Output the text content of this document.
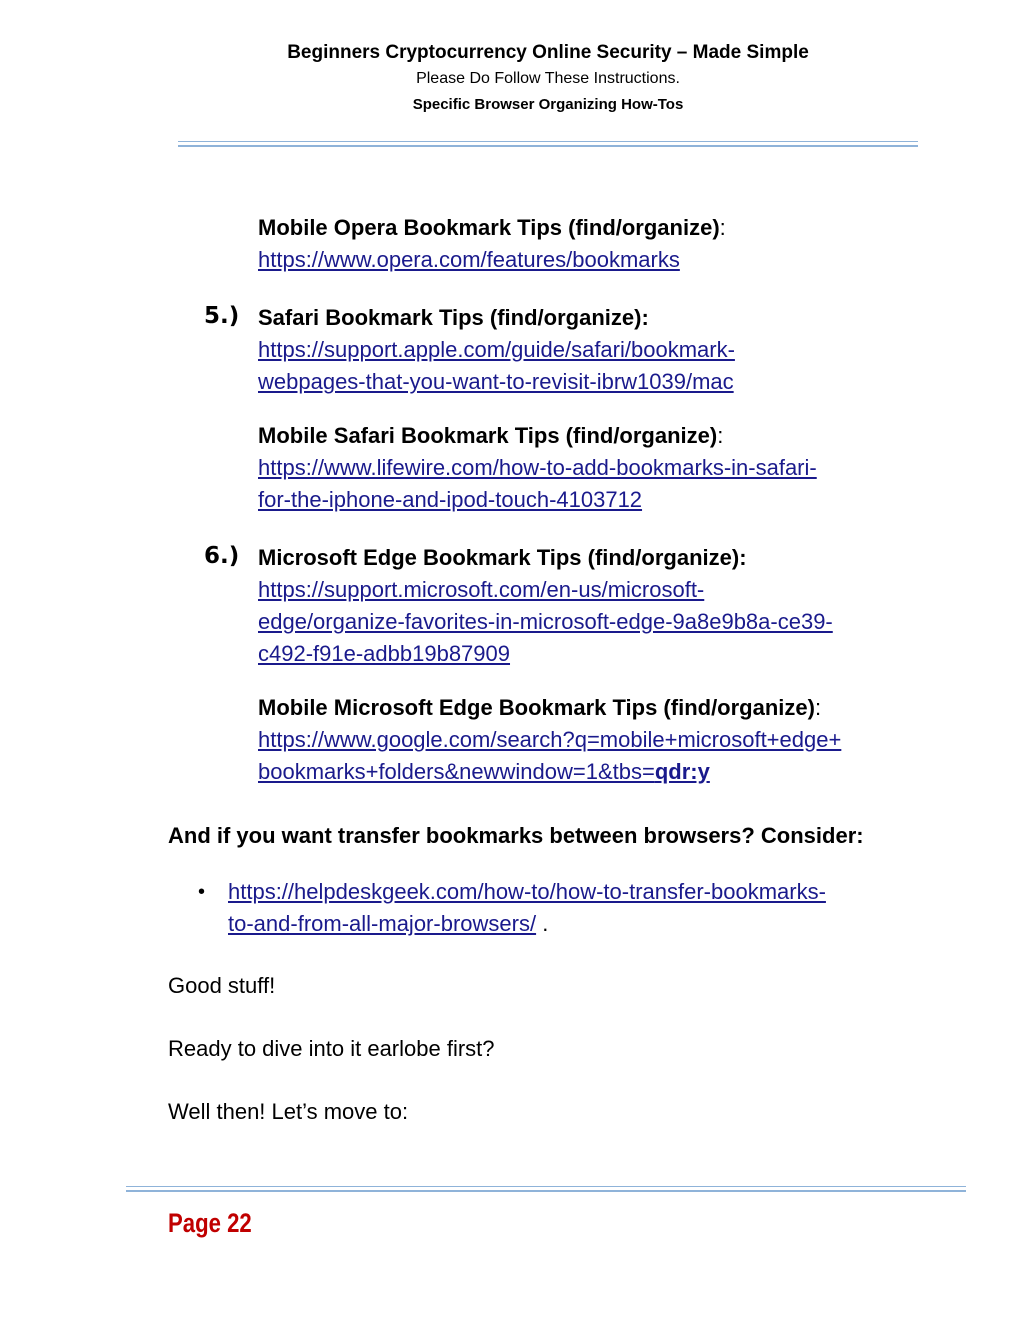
Beginners Cryptocurrency Online Security – Made Simple
Please Do Follow These Instructions.
Specific Browser Organizing How-Tos
Mobile Opera Bookmark Tips (find/organize):
https://www.opera.com/features/bookmarks
5.) Safari Bookmark Tips (find/organize):
https://support.apple.com/guide/safari/bookmark-
webpages-that-you-want-to-revisit-ibrw1039/mac
Mobile Safari Bookmark Tips (find/organize):
https://www.lifewire.com/how-to-add-bookmarks-in-safari-
for-the-iphone-and-ipod-touch-4103712
6.) Microsoft Edge Bookmark Tips (find/organize):
https://support.microsoft.com/en-us/microsoft-
edge/organize-favorites-in-microsoft-edge-9a8e9b8a-ce39-
c492-f91e-adbb19b87909
Mobile Microsoft Edge Bookmark Tips (find/organize):
https://www.google.com/search?q=mobile+microsoft+edge+
bookmarks+folders&newwindow=1&tbs=qdr:y
And if you want transfer bookmarks between browsers? Consider:
• https://helpdeskgeek.com/how-to/how-to-transfer-bookmarks-
to-and-from-all-major-browsers/ .
Good stuff!
Ready to dive into it earlobe first?
Well then! Let’s move to:
Page 22
